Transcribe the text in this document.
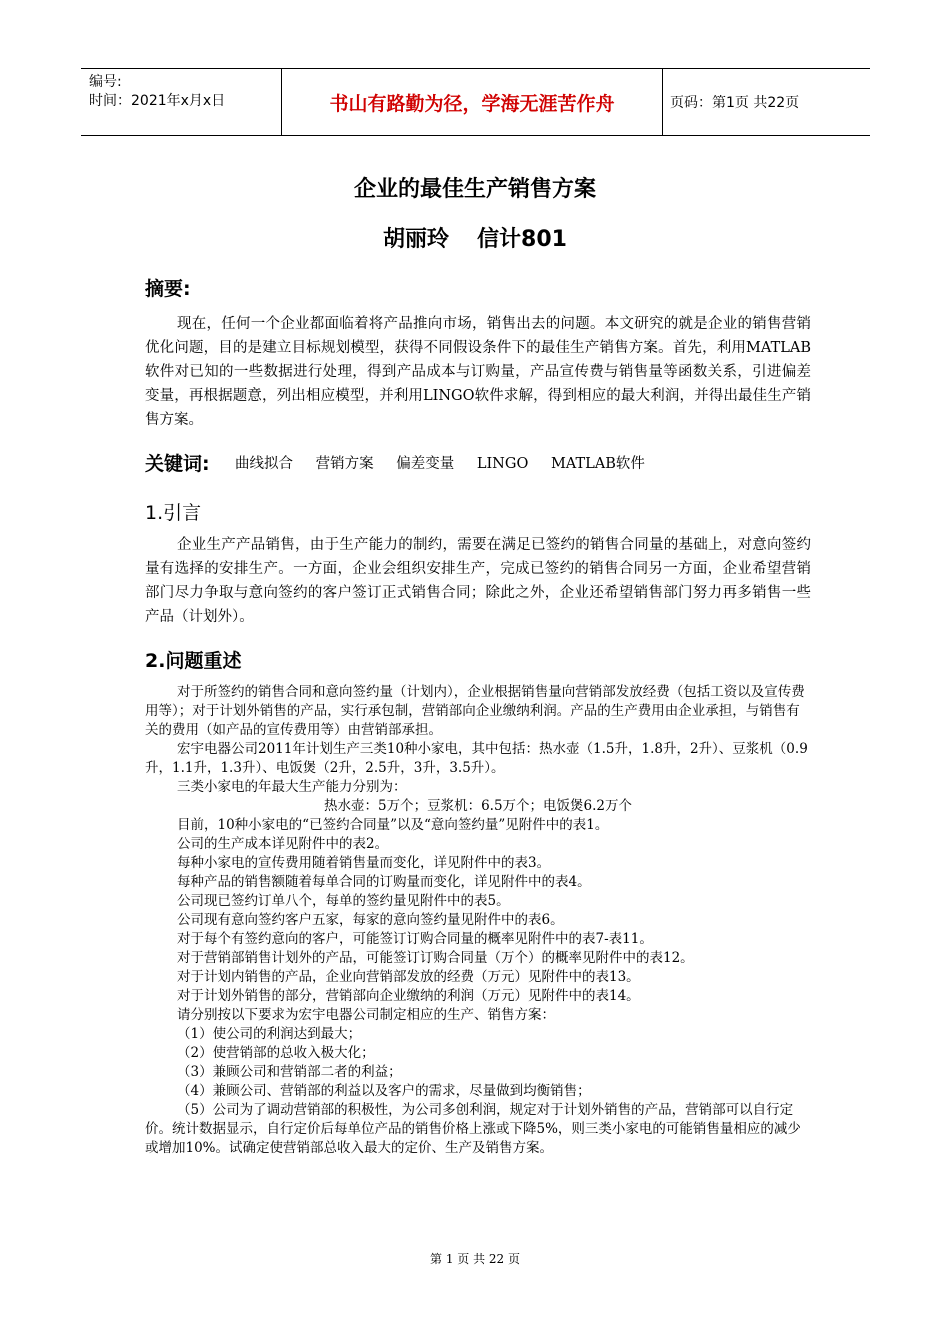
编号:
时间：2021年x月x日	书山有路勤为径，学海无涯苦作舟	页码：第1页 共22页
企业的最佳生产销售方案
胡丽玲 信计801
摘要:
现在，任何一个企业都面临着将产品推向市场，销售出去的问题。本文研究的就是企业的销售营销优化问题，目的是建立目标规划模型，获得不同假设条件下的最佳生产销售方案。首先，利用MATLAB软件对已知的一些数据进行处理，得到产品成本与订购量，产品宣传费与销售量等函数关系，引进偏差变量，再根据题意，列出相应模型，并利用LINGO软件求解，得到相应的最大利润，并得出最佳生产销售方案。
关键词: 曲线拟合 营销方案 偏差变量 LINGO MATLAB软件
1.引言
企业生产产品销售，由于生产能力的制约，需要在满足已签约的销售合同量的基础上，对意向签约量有选择的安排生产。一方面，企业会组织安排生产，完成已签约的销售合同另一方面，企业希望营销部门尽力争取与意向签约的客户签订正式销售合同；除此之外，企业还希望销售部门努力再多销售一些产品（计划外）。
2.问题重述

对于所签约的销售合同和意向签约量（计划内），企业根据销售量向营销部发放经费（包括工资以及宣传费用等）；对于计划外销售的产品，实行承包制，营销部向企业缴纳利润。产品的生产费用由企业承担，与销售有关的费用（如产品的宣传费用等）由营销部承担。

宏宇电器公司2011年计划生产三类10种小家电，其中包括：热水壶（1.5升，1.8升，2升）、豆浆机（0.9升，1.1升，1.3升）、电饭煲（2升，2.5升，3升，3.5升）。

三类小家电的年最大生产能力分别为：

热水壶：5万个；豆浆机：6.5万个；电饭煲6.2万个

目前，10种小家电的“已签约合同量”以及“意向签约量”见附件中的表1。

公司的生产成本详见附件中的表2。

每种小家电的宣传费用随着销售量而变化，详见附件中的表3。

每种产品的销售额随着每单合同的订购量而变化，详见附件中的表4。

公司现已签约订单八个，每单的签约量见附件中的表5。

公司现有意向签约客户五家，每家的意向签约量见附件中的表6。

对于每个有签约意向的客户，可能签订订购合同量的概率见附件中的表7-表11。

对于营销部销售计划外的产品，可能签订订购合同量（万个）的概率见附件中的表12。

对于计划内销售的产品，企业向营销部发放的经费（万元）见附件中的表13。

对于计划外销售的部分，营销部向企业缴纳的利润（万元）见附件中的表14。

请分别按以下要求为宏宇电器公司制定相应的生产、销售方案：

（1）使公司的利润达到最大；

（2）使营销部的总收入极大化；

（3）兼顾公司和营销部二者的利益；

（4）兼顾公司、营销部的利益以及客户的需求，尽量做到均衡销售；

（5）公司为了调动营销部的积极性，为公司多创利润，规定对于计划外销售的产品，营销部可以自行定价。统计数据显示，自行定价后每单位产品的销售价格上涨或下降5%，则三类小家电的可能销售量相应的减少或增加10%。试确定使营销部总收入最大的定价、生产及销售方案。

第 1 页 共 22 页
